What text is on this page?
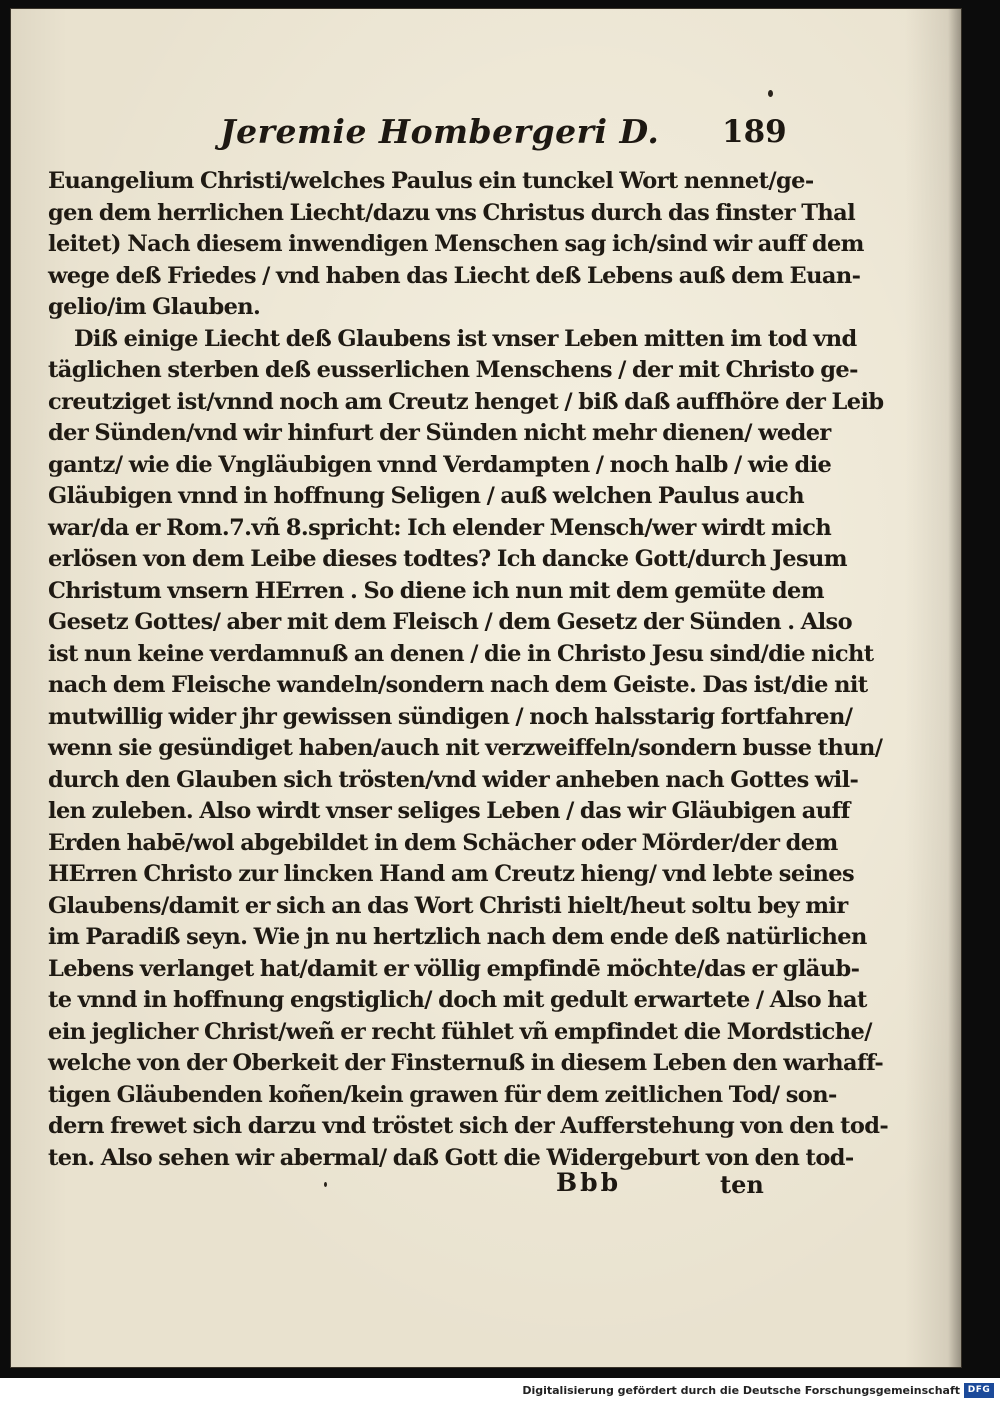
Jeremie Hombergeri D. 189
Euangelium Christi/welches Paulus ein tunckel Wort nennet/ge-
gen dem herrlichen Liecht/dazu vns Christus durch das finster Thal
leitet) Nach diesem inwendigen Menschen sag ich/sind wir auff dem
wege deß Friedes / vnd haben das Liecht deß Lebens auß dem Euan-
gelio/im Glauben.
Diß einige Liecht deß Glaubens ist vnser Leben mitten im tod vnd
täglichen sterben deß eusserlichen Menschens / der mit Christo ge-
creutziget ist/vnnd noch am Creutz henget / biß daß auffhöre der Leib
der Sünden/vnd wir hinfurt der Sünden nicht mehr dienen/ weder
gantz/ wie die Vngläubigen vnnd Verdampten / noch halb / wie die
Gläubigen vnnd in hoffnung Seligen / auß welchen Paulus auch
war/da er Rom.7.vñ 8.spricht: Ich elender Mensch/wer wirdt mich
erlösen von dem Leibe dieses todtes? Ich dancke Gott/durch Jesum
Christum vnsern HErren . So diene ich nun mit dem gemüte dem
Gesetz Gottes/ aber mit dem Fleisch / dem Gesetz der Sünden . Also
ist nun keine verdamnuß an denen / die in Christo Jesu sind/die nicht
nach dem Fleische wandeln/sondern nach dem Geiste. Das ist/die nit
mutwillig wider jhr gewissen sündigen / noch halsstarig fortfahren/
wenn sie gesündiget haben/auch nit verzweiffeln/sondern busse thun/
durch den Glauben sich trösten/vnd wider anheben nach Gottes wil-
len zuleben. Also wirdt vnser seliges Leben / das wir Gläubigen auff
Erden habē/wol abgebildet in dem Schächer oder Mörder/der dem
HErren Christo zur lincken Hand am Creutz hieng/ vnd lebte seines
Glaubens/damit er sich an das Wort Christi hielt/heut soltu bey mir
im Paradiß seyn. Wie jn nu hertzlich nach dem ende deß natürlichen
Lebens verlanget hat/damit er völlig empfindē möchte/das er gläub-
te vnnd in hoffnung engstiglich/ doch mit gedult erwartete / Also hat
ein jeglicher Christ/weñ er recht fühlet vñ empfindet die Mordstiche/
welche von der Oberkeit der Finsternuß in diesem Leben den warhaff-
tigen Gläubenden koñen/kein grawen für dem zeitlichen Tod/ son-
dern frewet sich darzu vnd tröstet sich der Aufferstehung von den tod-
ten. Also sehen wir abermal/ daß Gott die Widergeburt von den tod-
Bbb	ten
Digitalisierung gefördert durch die Deutsche Forschungsgemeinschaft DFG
